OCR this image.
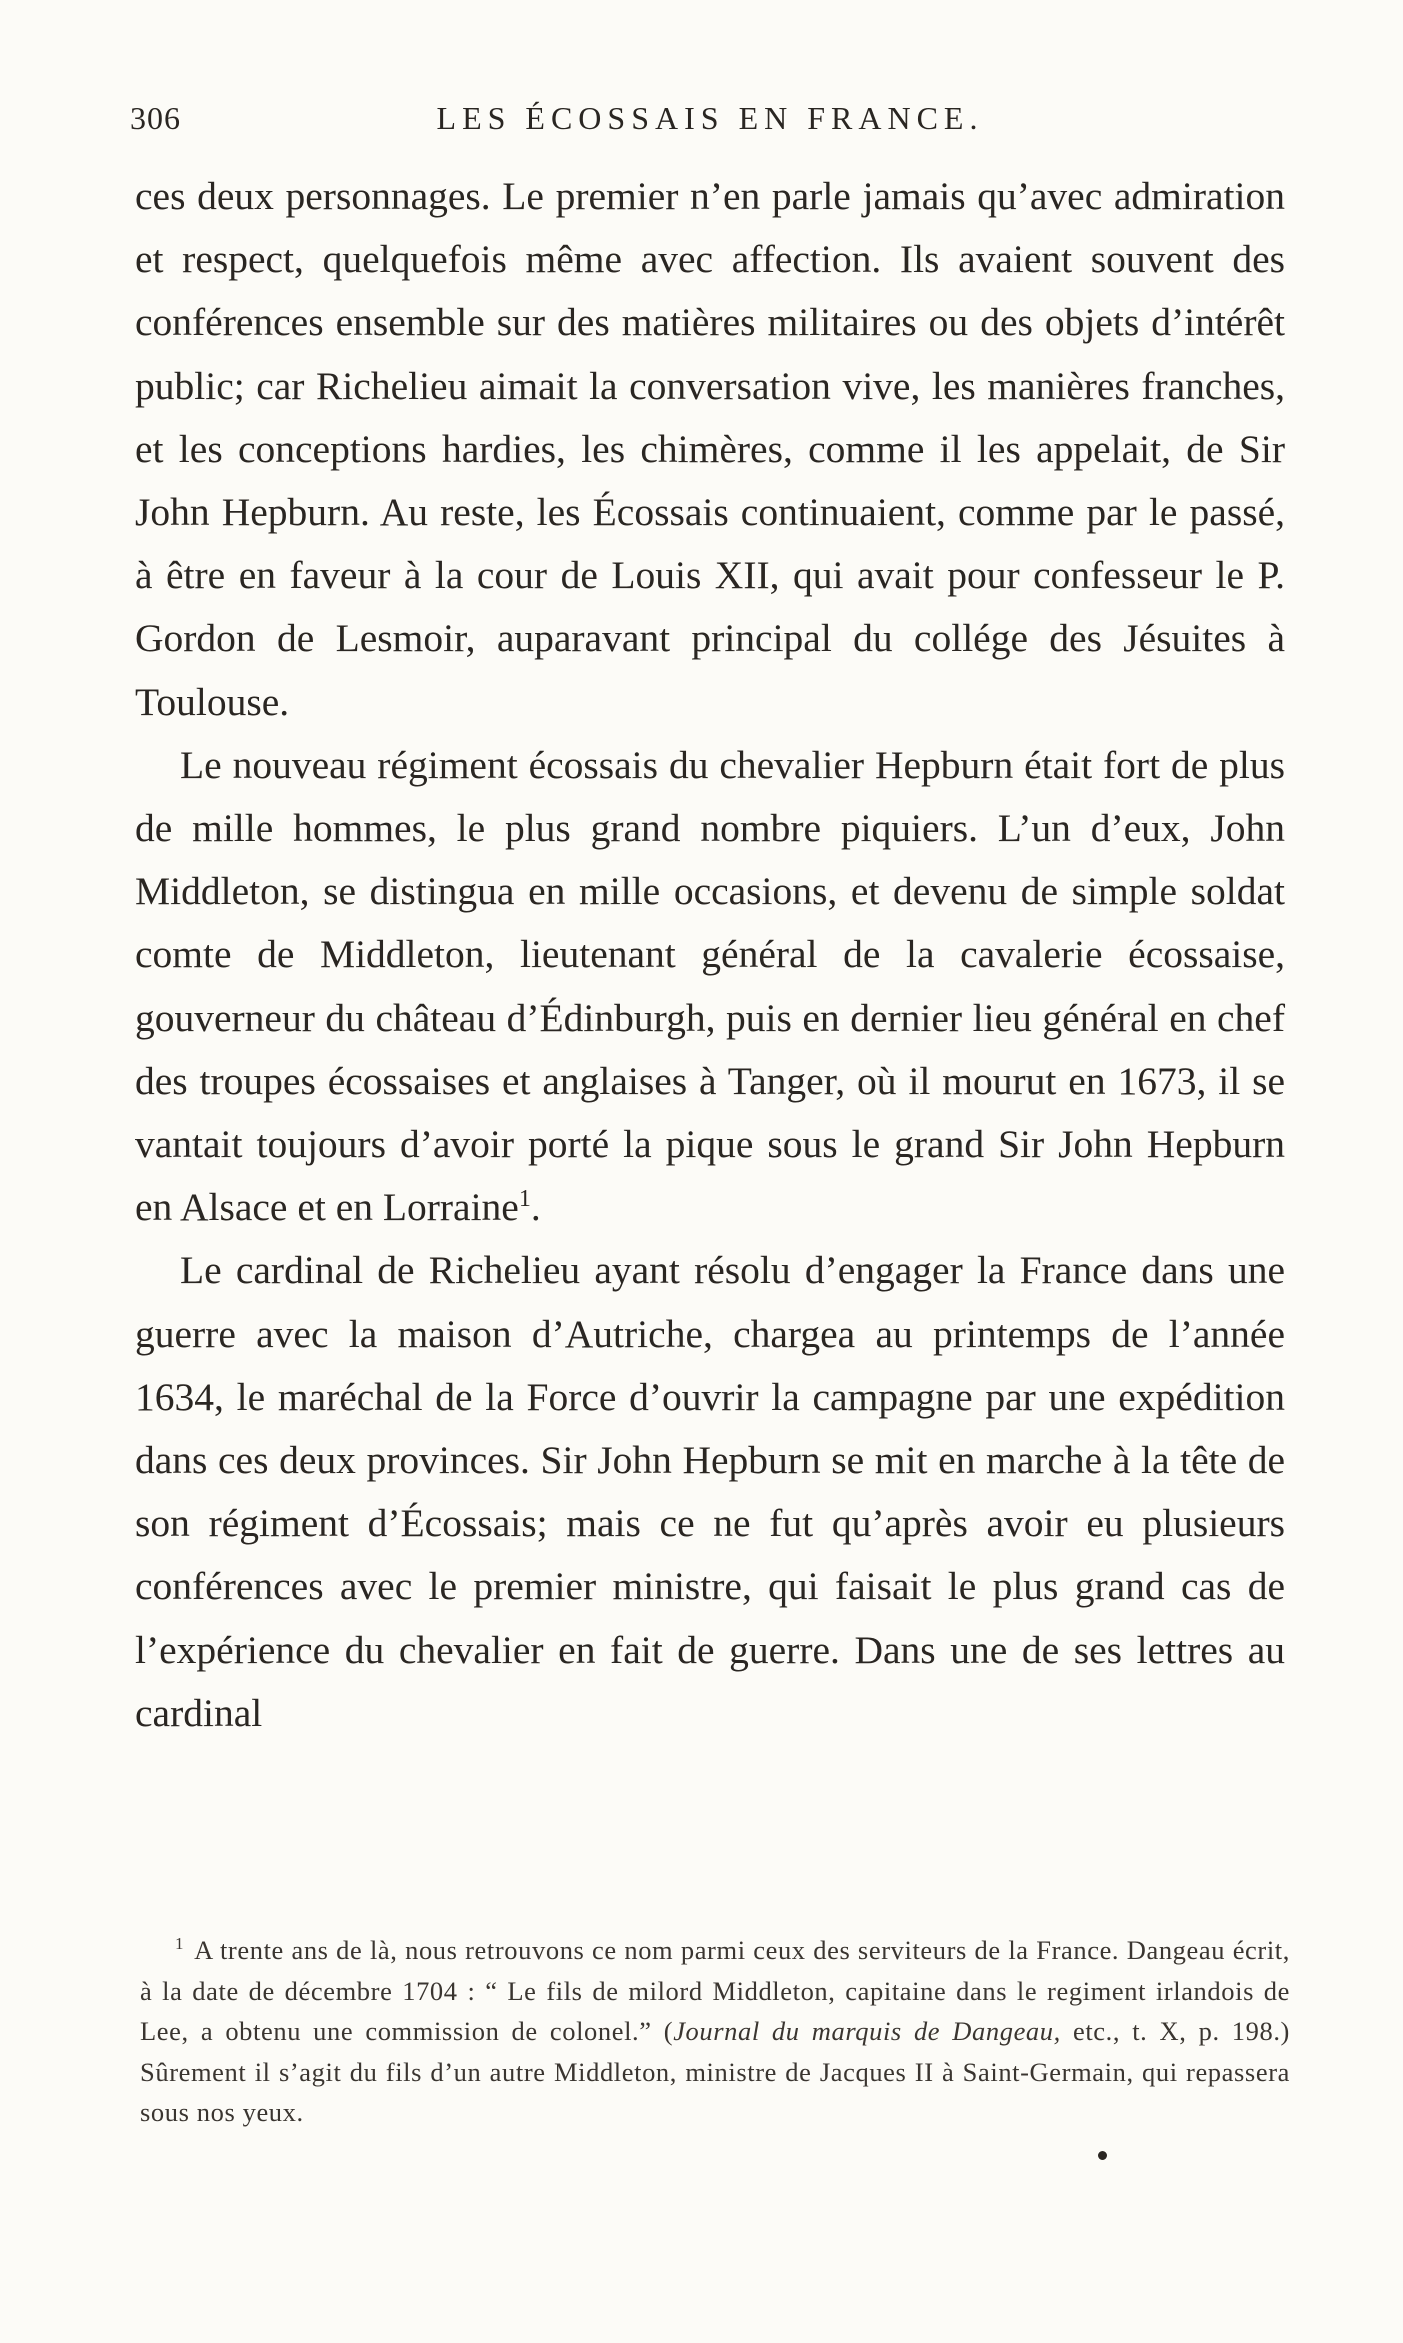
306	LES ÉCOSSAIS EN FRANCE.

ces deux personnages. Le premier n’en parle jamais qu’avec admiration et respect, quelquefois même avec affection. Ils avaient souvent des conférences ensemble sur des matières militaires ou des objets d’intérêt public; car Richelieu aimait la conversation vive, les manières franches, et les conceptions hardies, les chimères, comme il les appelait, de Sir John Hepburn. Au reste, les Écossais continuaient, comme par le passé, à être en faveur à la cour de Louis XII, qui avait pour confesseur le P. Gordon de Lesmoir, auparavant principal du collége des Jésuites à Toulouse.

Le nouveau régiment écossais du chevalier Hepburn était fort de plus de mille hommes, le plus grand nombre piquiers. L’un d’eux, John Middleton, se distingua en mille occasions, et devenu de simple soldat comte de Middleton, lieutenant général de la cavalerie écossaise, gouverneur du château d’Édinburgh, puis en dernier lieu général en chef des troupes écossaises et anglaises à Tanger, où il mourut en 1673, il se vantait toujours d’avoir porté la pique sous le grand Sir John Hepburn en Alsace et en Lorraine$^1$.

Le cardinal de Richelieu ayant résolu d’engager la France dans une guerre avec la maison d’Autriche, chargea au printemps de l’année 1634, le maréchal de la Force d’ouvrir la campagne par une expédition dans ces deux provinces. Sir John Hepburn se mit en marche à la tête de son régiment d’Écossais; mais ce ne fut qu’après avoir eu plusieurs conférences avec le premier ministre, qui faisait le plus grand cas de l’expérience du chevalier en fait de guerre. Dans une de ses lettres au cardinal

$^1$ A trente ans de là, nous retrouvons ce nom parmi ceux des serviteurs de la France. Dangeau écrit, à la date de décembre 1704 : “ Le fils de milord Middleton, capitaine dans le regiment irlandois de Lee, a obtenu une commission de colonel.” (Journal du marquis de Dangeau, etc., t. X, p. 198.) Sûrement il s’agit du fils d’un autre Middleton, ministre de Jacques II à Saint-Germain, qui repassera sous nos yeux.
